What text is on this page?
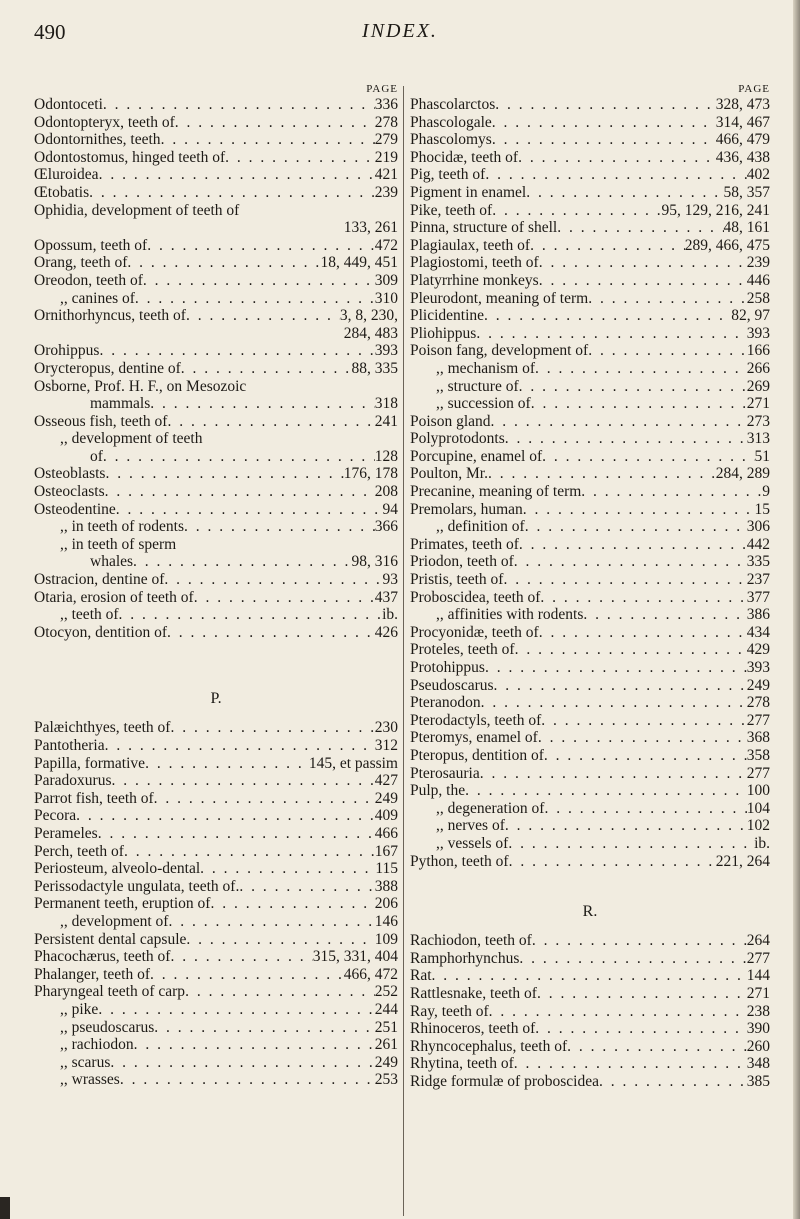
490	INDEX.
PAGE
Odontoceti . . .	336
Odontopteryx, teeth of . . .	278
Odontornithes, teeth . . .	279
Odontostomus, hinged teeth of . . .	219
Œluroidea . . .	421
Œtobatis . . .	239
Ophidia, development of teeth of
133, 261
Opossum, teeth of . . .	472
Orang, teeth of . . .	18, 449, 451
Oreodon, teeth of . . .	309
,, canines of . . .	310
Ornithorhyncus, teeth of . . .	3, 8, 230,
284, 483
Orohippus . . .	393
Orycteropus, dentine of . . .	88, 335
Osborne, Prof. H. F., on Mesozoic
mammals . . .	318
Osseous fish, teeth of . . .	241
,, development of teeth
of . . .	128
Osteoblasts . . .	176, 178
Osteoclasts . . .	208
Osteodentine . . .	94
,, in teeth of rodents . . .	366
,, in teeth of sperm
whales . . .	98, 316
Ostracion, dentine of . . .	93
Otaria, erosion of teeth of . . .	437
,, teeth of . . .	ib.
Otocyon, dentition of . . .	426
P.
Palæichthyes, teeth of . . .	230
Pantotheria . . .	312
Papilla, formative . . .	145, et passim
Paradoxurus . . .	427
Parrot fish, teeth of . . .	249
Pecora . . .	409
Perameles . . .	466
Perch, teeth of . . .	167
Periosteum, alveolo-dental . . .	115
Perissodactyle ungulata, teeth of. . . .	388
Permanent teeth, eruption of . . .	206
,, development of . . .	146
Persistent dental capsule . . .	109
Phacochærus, teeth of . . .	315, 331, 404
Phalanger, teeth of . . .	466, 472
Pharyngeal teeth of carp . . .	252
,, pike . . .	244
,, pseudoscarus . . .	251
,, rachiodon . . .	261
,, scarus . . .	249
,, wrasses . . .	253
PAGE
Phascolarctos . . .	328, 473
Phascologale . . .	314, 467
Phascolomys . . .	466, 479
Phocidæ, teeth of . . .	436, 438
Pig, teeth of . . .	402
Pigment in enamel . . .	58, 357
Pike, teeth of . . .	95, 129, 216, 241
Pinna, structure of shell . . .	48, 161
Plagiaulax, teeth of . . .	289, 466, 475
Plagiostomi, teeth of . . .	239
Platyrrhine monkeys . . .	446
Pleurodont, meaning of term . . .	258
Plicidentine . . .	82, 97
Pliohippus . . .	393
Poison fang, development of . . .	166
,, mechanism of . . .	266
,, structure of . . .	269
,, succession of . . .	271
Poison gland . . .	273
Polyprotodonts . . .	313
Porcupine, enamel of . . .	51
Poulton, Mr. . . .	284, 289
Precanine, meaning of term . . .	9
Premolars, human . . .	15
,, definition of . . .	306
Primates, teeth of . . .	442
Priodon, teeth of . . .	335
Pristis, teeth of . . .	237
Proboscidea, teeth of . . .	377
,, affinities with rodents . . .	386
Procyonidæ, teeth of . . .	434
Proteles, teeth of . . .	429
Protohippus . . .	393
Pseudoscarus . . .	249
Pteranodon . . .	278
Pterodactyls, teeth of . . .	277
Pteromys, enamel of . . .	368
Pteropus, dentition of . . .	358
Pterosauria . . .	277
Pulp, the . . .	100
,, degeneration of . . .	104
,, nerves of . . .	102
,, vessels of . . .	ib.
Python, teeth of . . .	221, 264
R.
Rachiodon, teeth of . . .	264
Ramphorhynchus . . .	277
Rat . . .	144
Rattlesnake, teeth of . . .	271
Ray, teeth of . . .	238
Rhinoceros, teeth of . . .	390
Rhyncocephalus, teeth of . . .	260
Rhytina, teeth of . . .	348
Ridge formulæ of proboscidea . . .	385
